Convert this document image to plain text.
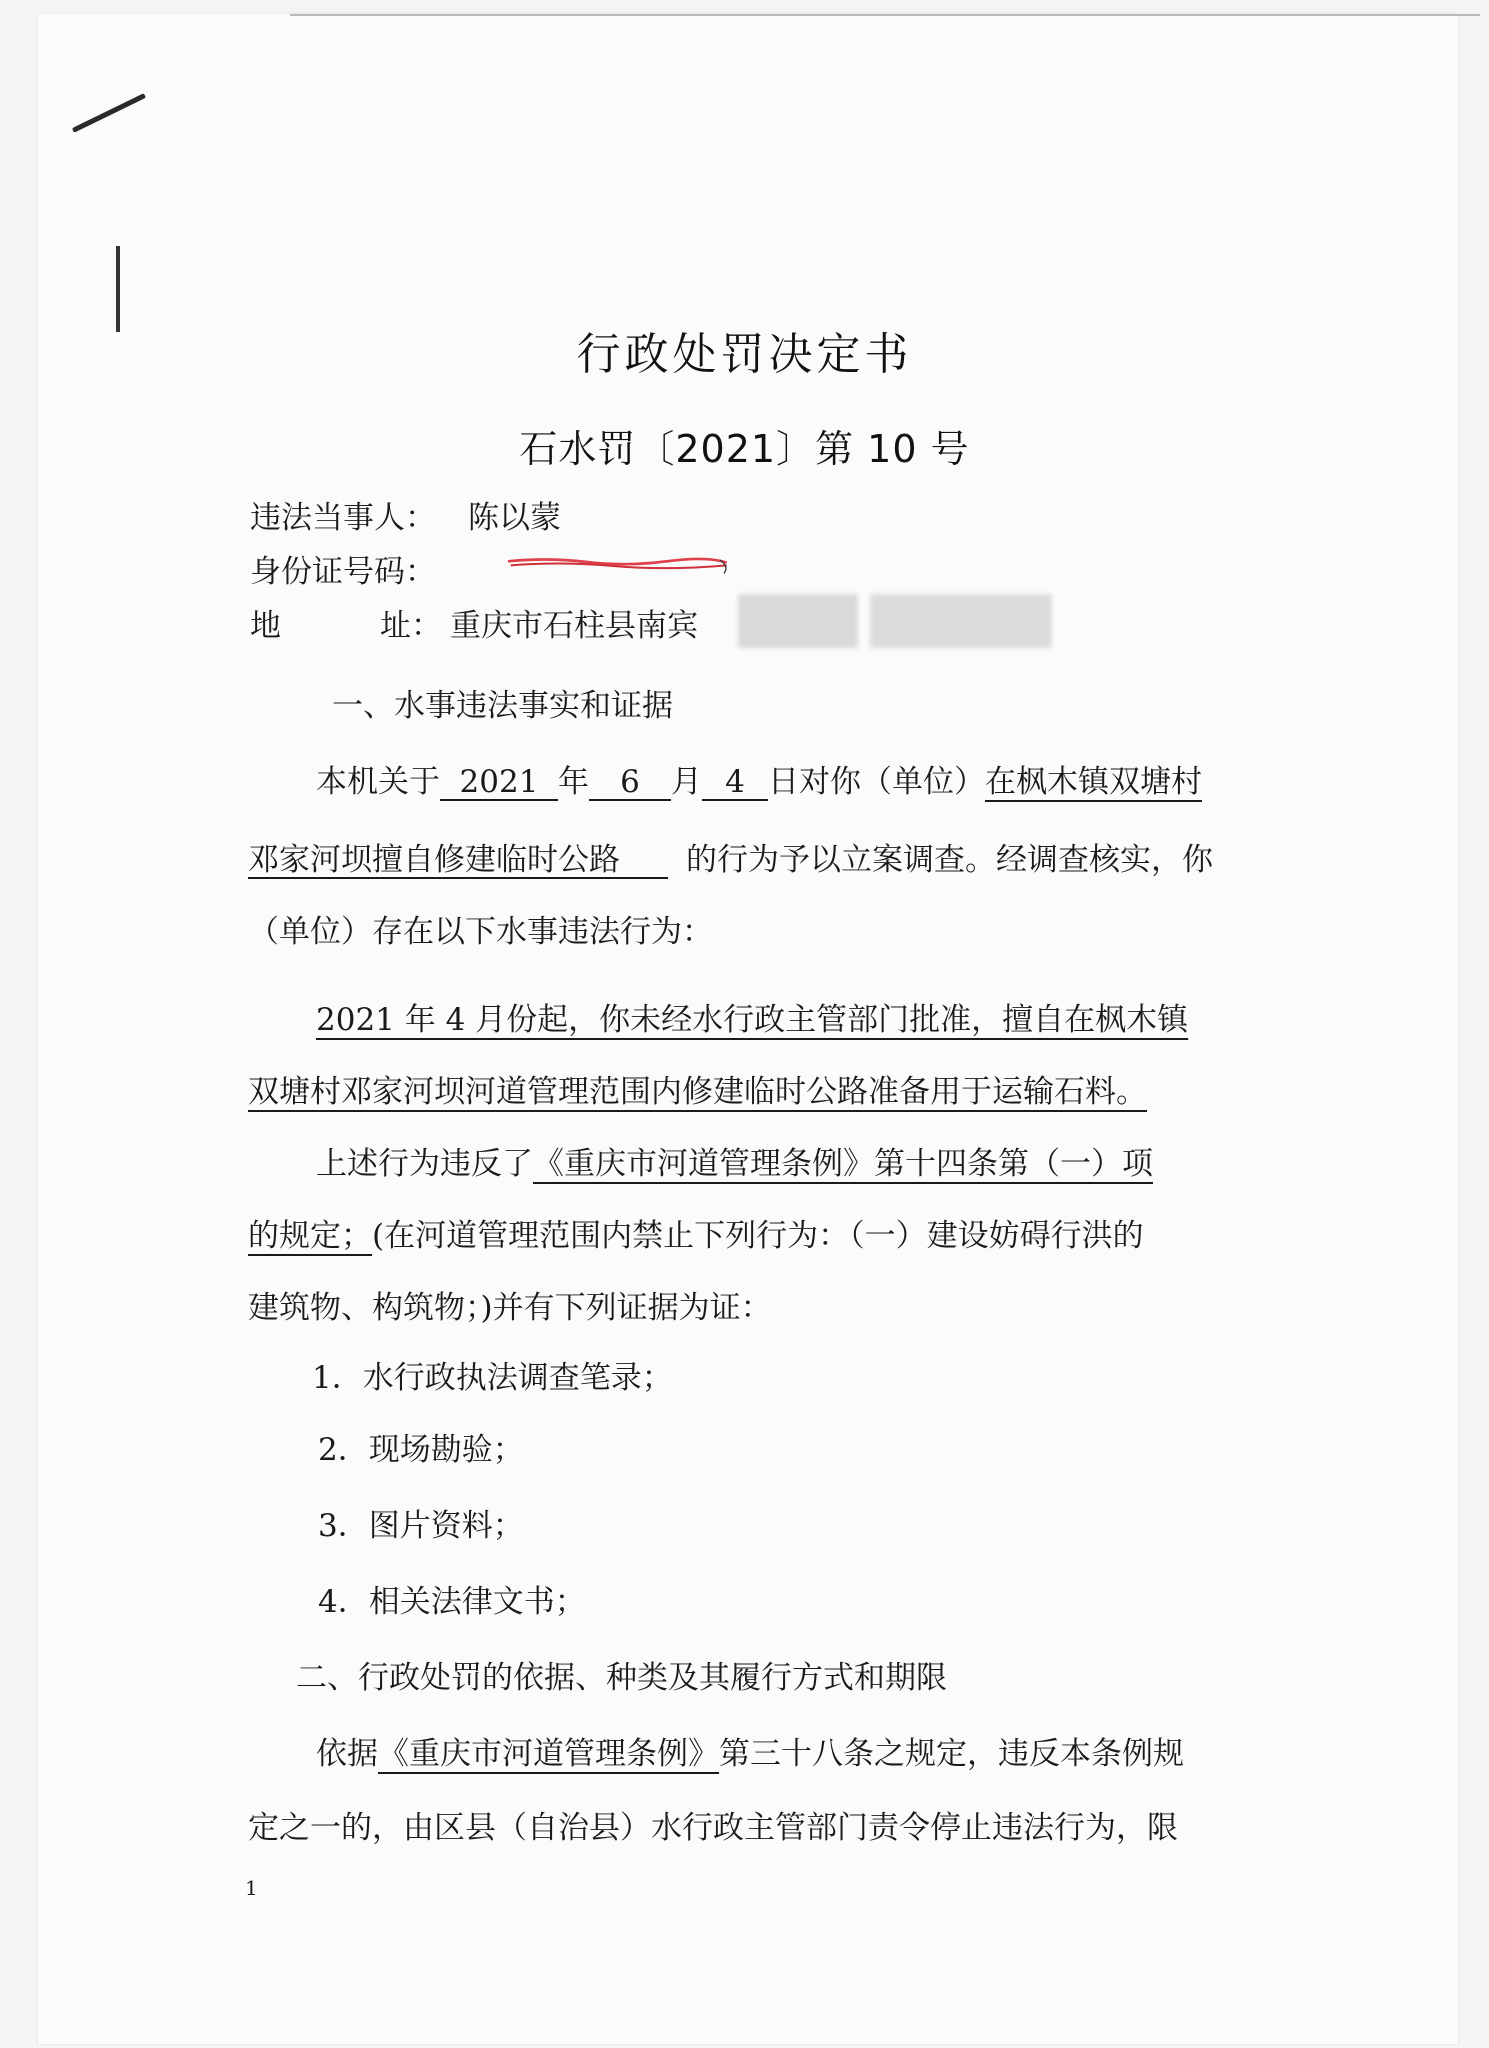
行政处罚决定书
石水罚〔2021〕第 10 号
违法当事人： 陈以蒙
身份证号码：
地	址： 重庆市石柱县南宾
一、水事违法事实和证据
本机关于 2021 年 6 月 4 日对你（单位）在枫木镇双塘村
邓家河坝擅自修建临时公路 的行为予以立案调查。经调查核实，你
（单位）存在以下水事违法行为：
2021 年 4 月份起，你未经水行政主管部门批准，擅自在枫木镇
双塘村邓家河坝河道管理范围内修建临时公路准备用于运输石料。
上述行为违反了《重庆市河道管理条例》第十四条第（一）项
的规定；(在河道管理范围内禁止下列行为：（一）建设妨碍行洪的
建筑物、构筑物；)并有下列证据为证：
1．水行政执法调查笔录；
2．现场勘验；
3．图片资料；
4．相关法律文书；
二、行政处罚的依据、种类及其履行方式和期限
依据《重庆市河道管理条例》第三十八条之规定，违反本条例规
定之一的，由区县（自治县）水行政主管部门责令停止违法行为，限
1
